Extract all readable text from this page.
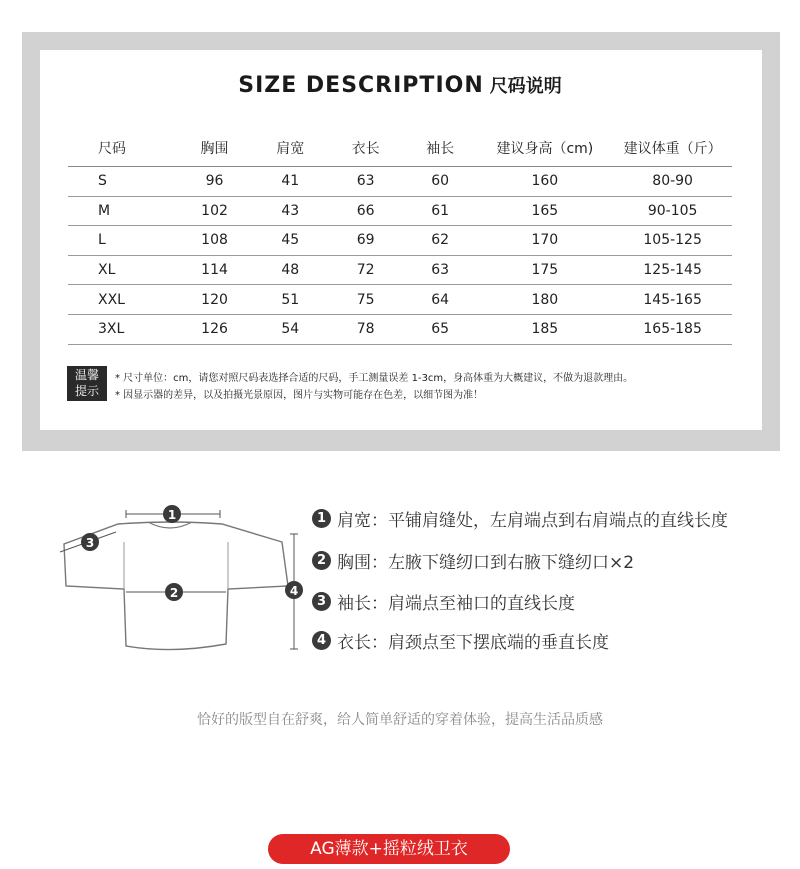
SIZE DESCRIPTION 尺码说明
尺码	胸围	肩宽	衣长	袖长	建议身高（cm)	建议体重（斤）
S	96	41	63	60	160	80-90
M	102	43	66	61	165	90-105
L	108	45	69	62	170	105-125
XL	114	48	72	63	175	125-145
XXL	120	51	75	64	180	145-165
3XL	126	54	78	65	185	165-185
温馨
提示
* 尺寸单位：cm，请您对照尺码表选择合适的尺码，手工测量误差 1-3cm，身高体重为大概建议，不做为退款理由。
* 因显示器的差异，以及拍摄光景原因，图片与实物可能存在色差，以细节图为准！
1
2
3
4
1 肩宽：平铺肩缝处，左肩端点到右肩端点的直线长度
2 胸围：左腋下缝纫口到右腋下缝纫口×2
3 袖长：肩端点至袖口的直线长度
4 衣长：肩颈点至下摆底端的垂直长度
恰好的版型自在舒爽，给人简单舒适的穿着体验，提高生活品质感
AG薄款+摇粒绒卫衣
